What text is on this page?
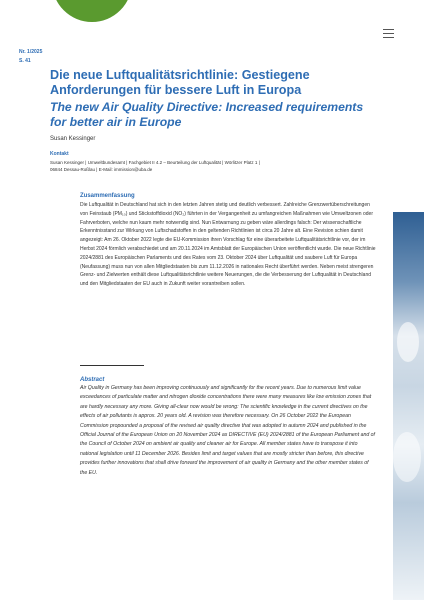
Nr. 1/2025
S. 41
Die neue Luftqualitätsrichtlinie: Gestiegene Anforderungen für bessere Luft in Europa
The new Air Quality Directive: Increased requirements for better air in Europe
Susan Kessinger
Kontakt
Susan Kessinger | Umweltbundesamt | Fachgebiet II 4.2 – Beurteilung der Luftqualität | Wörlitzer Platz 1 |
06844 Dessau-Roßlau | E-Mail: immission@uba.de
Zusammenfassung
Die Luftqualität in Deutschland hat sich in den letzten Jahren stetig und deutlich verbessert. Zahlreiche Grenzwertüberschreitungen von Feinstaub (PM₁₀) und Stickstoffdioxid (NO₂) führten in der Vergangenheit zu umfangreichen Maßnahmen wie Umweltzonen oder Fahrverboten, welche nun kaum mehr notwendig sind. Nun Entwarnung zu geben wäre allerdings falsch: Der wissenschaftliche Erkenntnisstand zur Wirkung von Luftschadstoffen in den geltenden Richtlinien ist circa 20 Jahre alt. Eine Revision schien damit angezeigt: Am 26. Oktober 2022 legte die EU-Kommission ihren Vorschlag für eine überarbeitete Luftqualitätsrichtlinie vor, der im Herbst 2024 förmlich verabschiedet und am 20.11.2024 im Amtsblatt der Europäischen Union veröffentlicht wurde. Die neue Richtlinie 2024/2881 des Europäischen Parlaments und des Rates vom 23. Oktober 2024 über Luftqualität und saubere Luft für Europa (Neufassung) muss nun von allen Mitgliedstaaten bis zum 11.12.2026 in nationales Recht überführt werden. Neben meist strengeren Grenz- und Zielwerten enthält diese Luftqualitätsrichtlinie weitere Neuerungen, die die Verbesserung der Luftqualität in Deutschland und den Mitgliedstaaten der EU auch in Zukunft weiter vorantreiben sollen.
Abstract
Air Quality in Germany has been improving continuously and significantly for the recent years. Due to numerous limit value exceedances of particulate matter and nitrogen dioxide concentrations there were many measures like low emission zones that are hardly necessary any more. Giving all-clear now would be wrong: The scientific knowledge in the current directives on the effects of air pollutants is approx. 20 years old. A revision was therefore necessary. On 26 October 2022 the European Commission propounded a proposal of the revised air quality directive that was adopted in autumn 2024 and published in the Official Journal of the European Union on 20 November 2024 as DIRECTIVE (EU) 2024/2881 of the European Parliament and of the Council of October 2024 on ambient air quality and cleaner air for Europe. All member states have to transpose it into national legislation until 11 December 2026. Besides limit and target values that are mostly stricter than before, this directive provides further innovations that shall drive forward the improvement of air quality in Germany and the other member states of the EU.
